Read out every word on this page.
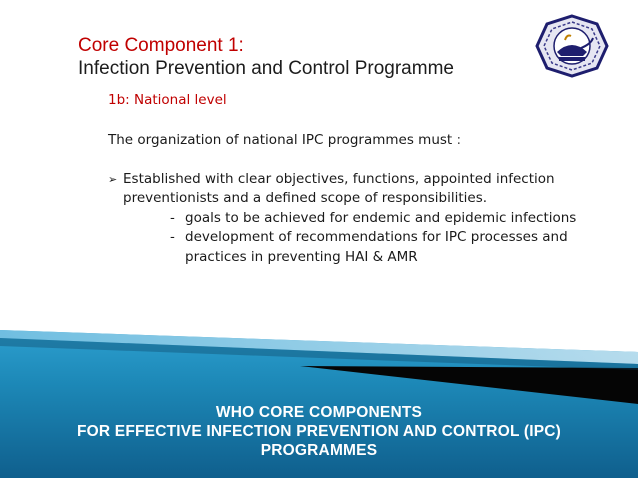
Core Component 1:
Infection Prevention and Control Programme
1b: National level

The organization of national IPC programmes must :

➢ Established with clear objectives, functions, appointed infection preventionists and a defined scope of responsibilities.

- goals to be achieved for endemic and epidemic infections

- development of recommendations for IPC processes and practices in preventing HAI & AMR

WHO CORE COMPONENTS
FOR EFFECTIVE INFECTION PREVENTION AND CONTROL (IPC)
PROGRAMMES
